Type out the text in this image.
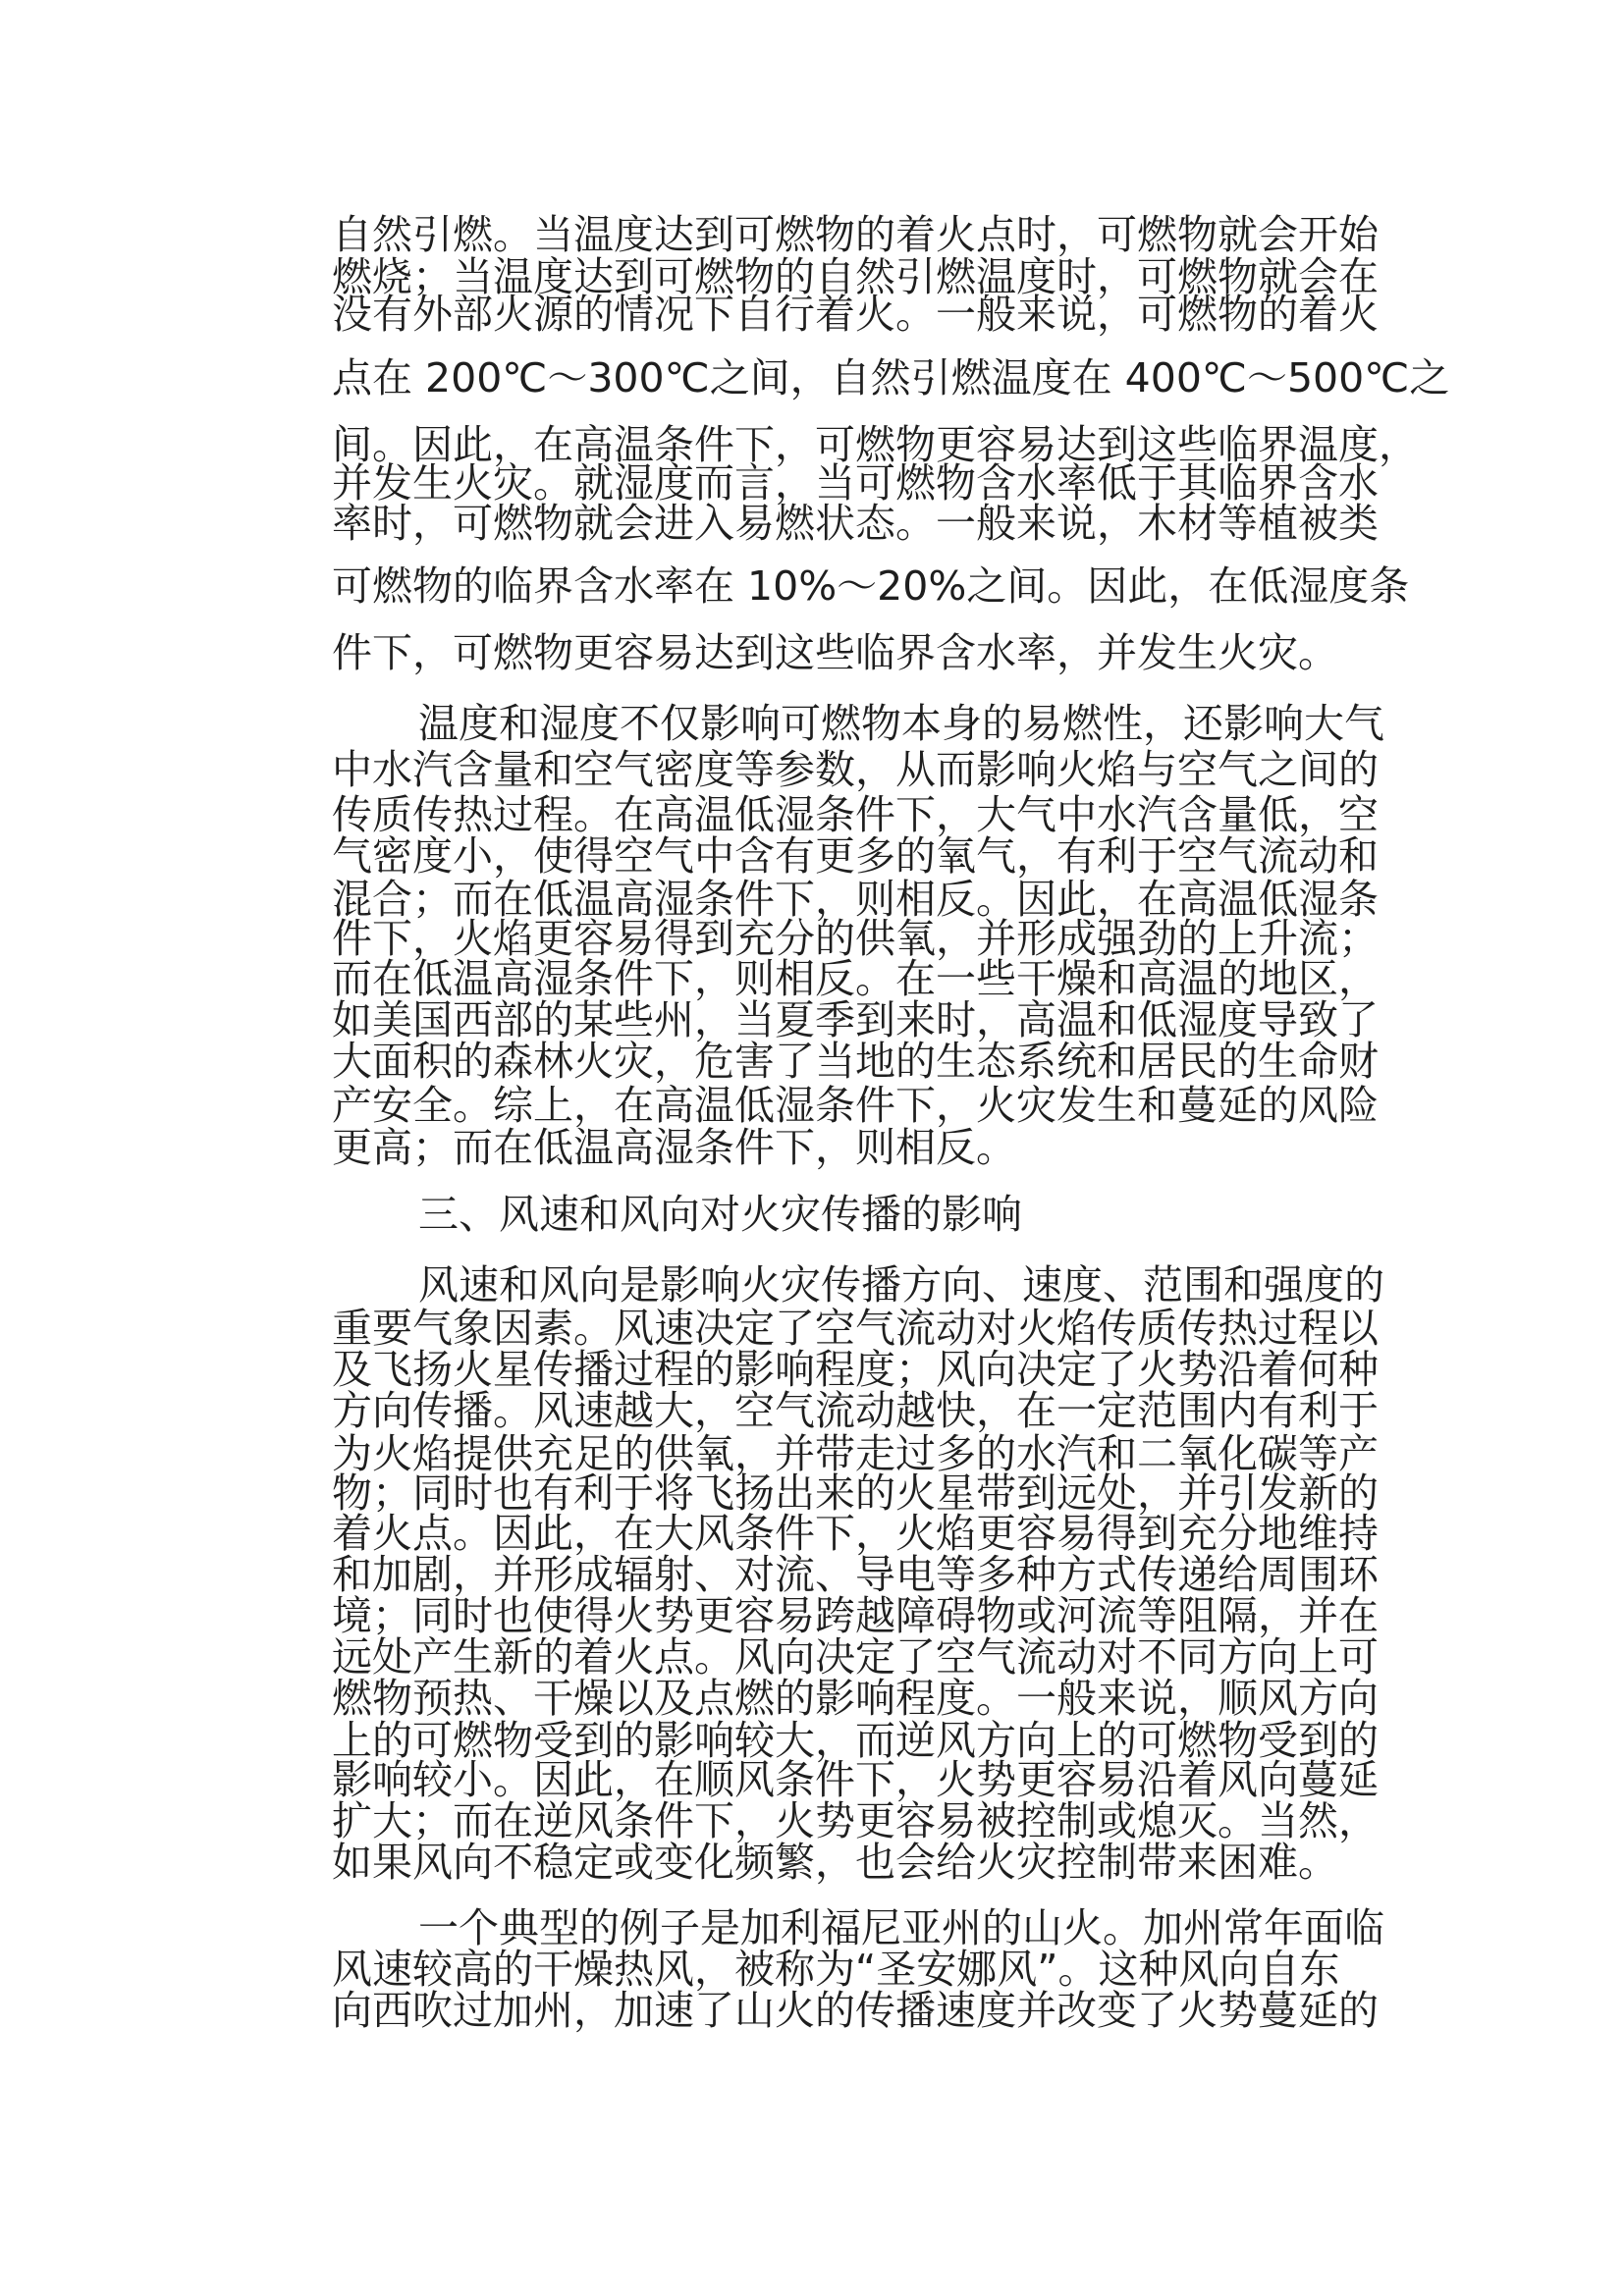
自然引燃。当温度达到可燃物的着火点时，可燃物就会开始
燃烧；当温度达到可燃物的自然引燃温度时，可燃物就会在
没有外部火源的情况下自行着火。一般来说，可燃物的着火
点在 200℃～300℃之间，自然引燃温度在 400℃～500℃之
间。因此，在高温条件下，可燃物更容易达到这些临界温度，
并发生火灾。就湿度而言，当可燃物含水率低于其临界含水
率时，可燃物就会进入易燃状态。一般来说，木材等植被类
可燃物的临界含水率在 10%～20%之间。因此，在低湿度条
件下，可燃物更容易达到这些临界含水率，并发生火灾。
温度和湿度不仅影响可燃物本身的易燃性，还影响大气
中水汽含量和空气密度等参数，从而影响火焰与空气之间的
传质传热过程。在高温低湿条件下，大气中水汽含量低，空
气密度小，使得空气中含有更多的氧气，有利于空气流动和
混合；而在低温高湿条件下，则相反。因此，在高温低湿条
件下，火焰更容易得到充分的供氧，并形成强劲的上升流；
而在低温高湿条件下，则相反。在一些干燥和高温的地区，
如美国西部的某些州，当夏季到来时，高温和低湿度导致了
大面积的森林火灾，危害了当地的生态系统和居民的生命财
产安全。综上，在高温低湿条件下，火灾发生和蔓延的风险
更高；而在低温高湿条件下，则相反。
三、风速和风向对火灾传播的影响
风速和风向是影响火灾传播方向、速度、范围和强度的
重要气象因素。风速决定了空气流动对火焰传质传热过程以
及飞扬火星传播过程的影响程度；风向决定了火势沿着何种
方向传播。风速越大，空气流动越快，在一定范围内有利于
为火焰提供充足的供氧，并带走过多的水汽和二氧化碳等产
物；同时也有利于将飞扬出来的火星带到远处，并引发新的
着火点。因此，在大风条件下，火焰更容易得到充分地维持
和加剧，并形成辐射、对流、导电等多种方式传递给周围环
境；同时也使得火势更容易跨越障碍物或河流等阻隔，并在
远处产生新的着火点。风向决定了空气流动对不同方向上可
燃物预热、干燥以及点燃的影响程度。一般来说，顺风方向
上的可燃物受到的影响较大，而逆风方向上的可燃物受到的
影响较小。因此，在顺风条件下，火势更容易沿着风向蔓延
扩大；而在逆风条件下，火势更容易被控制或熄灭。当然，
如果风向不稳定或变化频繁，也会给火灾控制带来困难。
一个典型的例子是加利福尼亚州的山火。加州常年面临
风速较高的干燥热风，被称为“圣安娜风”。这种风向自东
向西吹过加州，加速了山火的传播速度并改变了火势蔓延的
